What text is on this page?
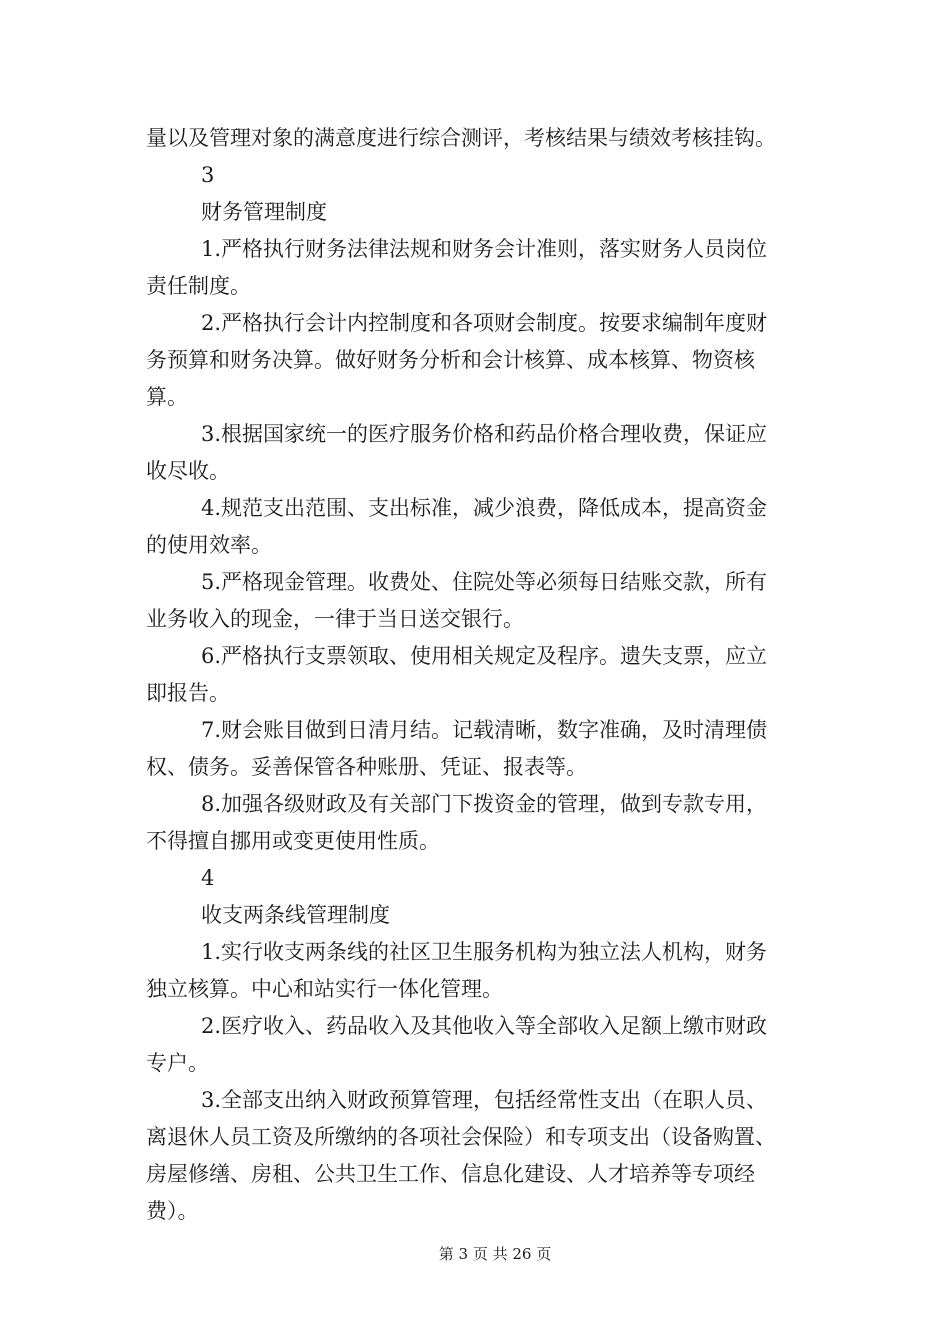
量以及管理对象的满意度进行综合测评，考核结果与绩效考核挂钩。
3
财务管理制度
1.严格执行财务法律法规和财务会计准则，落实财务人员岗位
责任制度。
2.严格执行会计内控制度和各项财会制度。按要求编制年度财
务预算和财务决算。做好财务分析和会计核算、成本核算、物资核
算。
3.根据国家统一的医疗服务价格和药品价格合理收费，保证应
收尽收。
4.规范支出范围、支出标准，减少浪费，降低成本，提高资金
的使用效率。
5.严格现金管理。收费处、住院处等必须每日结账交款，所有
业务收入的现金，一律于当日送交银行。
6.严格执行支票领取、使用相关规定及程序。遗失支票，应立
即报告。
7.财会账目做到日清月结。记载清晰，数字准确，及时清理债
权、债务。妥善保管各种账册、凭证、报表等。
8.加强各级财政及有关部门下拨资金的管理，做到专款专用，
不得擅自挪用或变更使用性质。
4
收支两条线管理制度
1.实行收支两条线的社区卫生服务机构为独立法人机构，财务
独立核算。中心和站实行一体化管理。
2.医疗收入、药品收入及其他收入等全部收入足额上缴市财政
专户。
3.全部支出纳入财政预算管理，包括经常性支出（在职人员、
离退休人员工资及所缴纳的各项社会保险）和专项支出（设备购置、
房屋修缮、房租、公共卫生工作、信息化建设、人才培养等专项经
费）。
第 3 页 共 26 页
